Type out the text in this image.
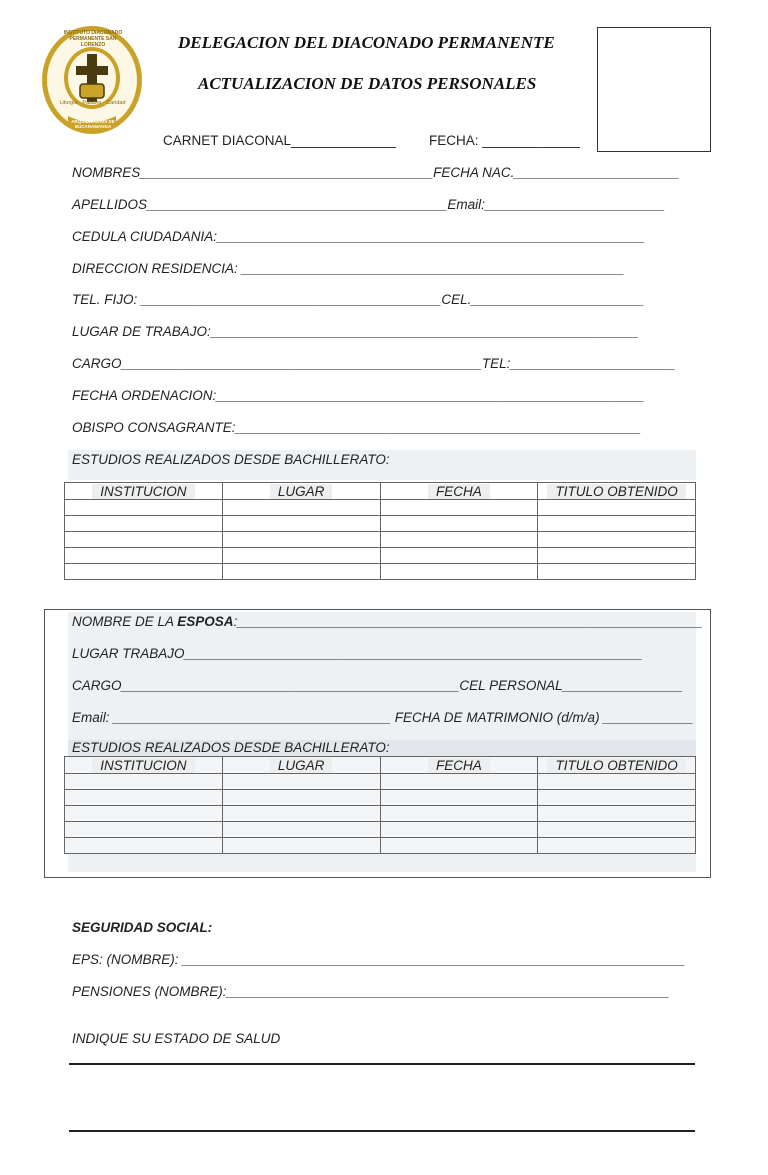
INSTITUTO DIACONADO PERMANENTE SAN LORENZO
Liturgia · Palabra · Caridad
ARQUIDIOCESIS DE BUCARAMANGA
DELEGACION DEL DIACONADO PERMANENTE
ACTUALIZACION DE DATOS PERSONALES
CARNET DIACONAL______________ FECHA: _____________
NOMBRES_______________________________________FECHA NAC.______________________
APELLIDOS________________________________________Email:________________________
CEDULA CIUDADANIA:_________________________________________________________
DIRECCION RESIDENCIA: ___________________________________________________
TEL. FIJO: ________________________________________CEL._______________________
LUGAR DE TRABAJO:_________________________________________________________
CARGO________________________________________________TEL:______________________
FECHA ORDENACION:_________________________________________________________
OBISPO CONSAGRANTE:______________________________________________________
ESTUDIOS REALIZADOS DESDE BACHILLERATO:
INSTITUCION	LUGAR	FECHA	TITULO OBTENIDO

NOMBRE DE LA ESPOSA:______________________________________________________________
LUGAR TRABAJO_____________________________________________________________
CARGO_____________________________________________CEL PERSONAL________________
Email: _____________________________________ FECHA DE MATRIMONIO (d/m/a) ____________
ESTUDIOS REALIZADOS DESDE BACHILLERATO:
INSTITUCION	LUGAR	FECHA	TITULO OBTENIDO

SEGURIDAD SOCIAL:
EPS: (NOMBRE): ___________________________________________________________________
PENSIONES (NOMBRE):___________________________________________________________
INDIQUE SU ESTADO DE SALUD
